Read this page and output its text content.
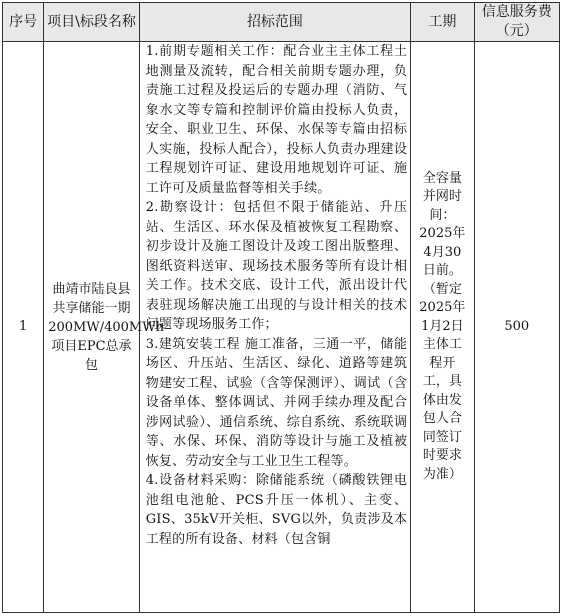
序号	项目\标段名称	招标范围	工期	信息服务费（元）
1	曲靖市陆良县共享储能一期200MW/400MWh项目EPC总承包	1.前期专题相关工作：配合业主主体工程土地测量及流转，配合相关前期专题办理，负责施工过程及投运后的专题办理（消防、气象水文等专篇和控制评价篇由投标人负责，安全、职业卫生、环保、水保等专篇由招标人实施，投标人配合），投标人负责办理建设工程规划许可证、建设用地规划许可证、施工许可及质量监督等相关手续。

2.勘察设计：包括但不限于储能站、升压站、生活区、环水保及植被恢复工程勘察、初步设计及施工图设计及竣工图出版整理、图纸资料送审、现场技术服务等所有设计相关工作。技术交底、设计工代，派出设计代表驻现场解决施工出现的与设计相关的技术问题等现场服务工作；

3.建筑安装工程 施工准备，三通一平，储能场区、升压站、生活区、绿化、道路等建筑物建安工程、试验（含等保测评）、调试（含设备单体、整体调试、并网手续办理及配合涉网试验）、通信系统、综自系统、系统联调等、水保、环保、消防等设计与施工及植被恢复、劳动安全与工业卫生工程等。

4.设备材料采购：除储能系统（磷酸铁锂电池组电池舱、PCS升压一体机）、主变、GIS、35kV开关柜、SVG以外，负责涉及本工程的所有设备、材料（包含铜	全容量并网时间：2025年4月30日前。（暂定2025年1月2日主体工程开工，具体由发包人合同签订时要求为准）	500
